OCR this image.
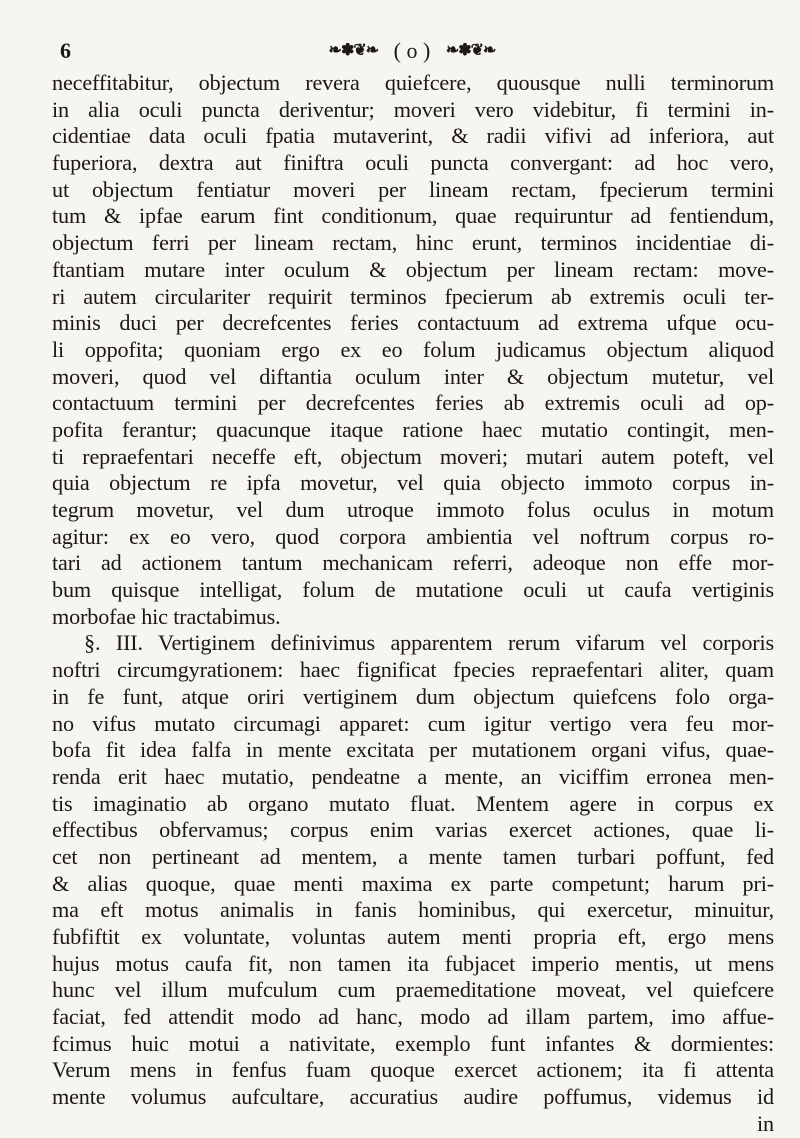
6	❧✽❦❧ ( o ) ❧✽❦❧
neceffitabitur, objectum revera quiefcere, quousque nulli terminorum
in alia oculi puncta deriventur; moveri vero videbitur, fi termini in-
cidentiae data oculi fpatia mutaverint, & radii vifivi ad inferiora, aut
fuperiora, dextra aut finiftra oculi puncta convergant: ad hoc vero,
ut objectum fentiatur moveri per lineam rectam, fpecierum termini
tum & ipfae earum fint conditionum, quae requiruntur ad fentiendum,
objectum ferri per lineam rectam, hinc erunt, terminos incidentiae di-
ftantiam mutare inter oculum & objectum per lineam rectam: move-
ri autem circulariter requirit terminos fpecierum ab extremis oculi ter-
minis duci per decrefcentes feries contactuum ad extrema ufque ocu-
li oppofita; quoniam ergo ex eo folum judicamus objectum aliquod
moveri, quod vel diftantia oculum inter & objectum mutetur, vel
contactuum termini per decrefcentes feries ab extremis oculi ad op-
pofita ferantur; quacunque itaque ratione haec mutatio contingit, men-
ti repraefentari neceffe eft, objectum moveri; mutari autem poteft, vel
quia objectum re ipfa movetur, vel quia objecto immoto corpus in-
tegrum movetur, vel dum utroque immoto folus oculus in motum
agitur: ex eo vero, quod corpora ambientia vel noftrum corpus ro-
tari ad actionem tantum mechanicam referri, adeoque non effe mor-
bum quisque intelligat, folum de mutatione oculi ut caufa vertiginis
morbofae hic tractabimus.
§. III. Vertiginem definivimus apparentem rerum vifarum vel corporis
noftri circumgyrationem: haec fignificat fpecies repraefentari aliter, quam
in fe funt, atque oriri vertiginem dum objectum quiefcens folo orga-
no vifus mutato circumagi apparet: cum igitur vertigo vera feu mor-
bofa fit idea falfa in mente excitata per mutationem organi vifus, quae-
renda erit haec mutatio, pendeatne a mente, an viciffim erronea men-
tis imaginatio ab organo mutato fluat. Mentem agere in corpus ex
effectibus obfervamus; corpus enim varias exercet actiones, quae li-
cet non pertineant ad mentem, a mente tamen turbari poffunt, fed
& alias quoque, quae menti maxima ex parte competunt; harum pri-
ma eft motus animalis in fanis hominibus, qui exercetur, minuitur,
fubfiftit ex voluntate, voluntas autem menti propria eft, ergo mens
hujus motus caufa fit, non tamen ita fubjacet imperio mentis, ut mens
hunc vel illum mufculum cum praemeditatione moveat, vel quiefcere
faciat, fed attendit modo ad hanc, modo ad illam partem, imo affue-
fcimus huic motui a nativitate, exemplo funt infantes & dormientes:
Verum mens in fenfus fuam quoque exercet actionem; ita fi attenta
mente volumus aufcultare, accuratius audire poffumus, videmus id
in
